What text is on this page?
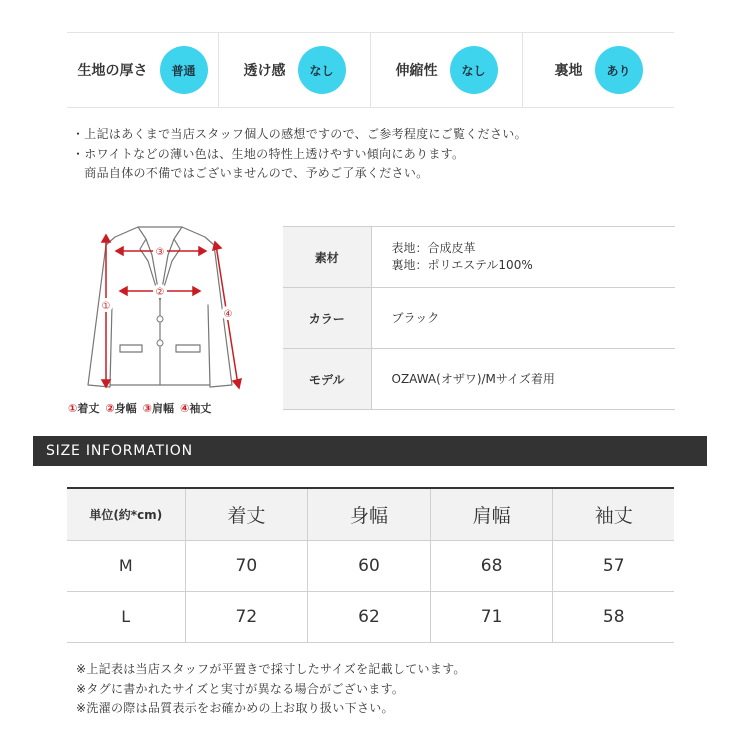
生地の厚さ	普通	透け感	なし	伸縮性	なし	裏地	あり
・上記はあくまで当店スタッフ個人の感想ですので、ご参考程度にご覧ください。
・ホワイトなどの薄い色は、生地の特性上透けやすい傾向にあります。
　商品自体の不備ではございませんので、予めご了承ください。
①
③
②
④
①着丈 ②身幅 ③肩幅 ④袖丈
素材	表地：合成皮革
裏地：ポリエステル100%

カラー	ブラック
モデル	OZAWA(オザワ)/Mサイズ着用
SIZE INFORMATION
単位(約*cm)	着丈	身幅	肩幅	袖丈
M	70	60	68	57
L	72	62	71	58
※上記表は当店スタッフが平置きで採寸したサイズを記載しています。
※タグに書かれたサイズと実寸が異なる場合がございます。
※洗濯の際は品質表示をお確かめの上お取り扱い下さい。
